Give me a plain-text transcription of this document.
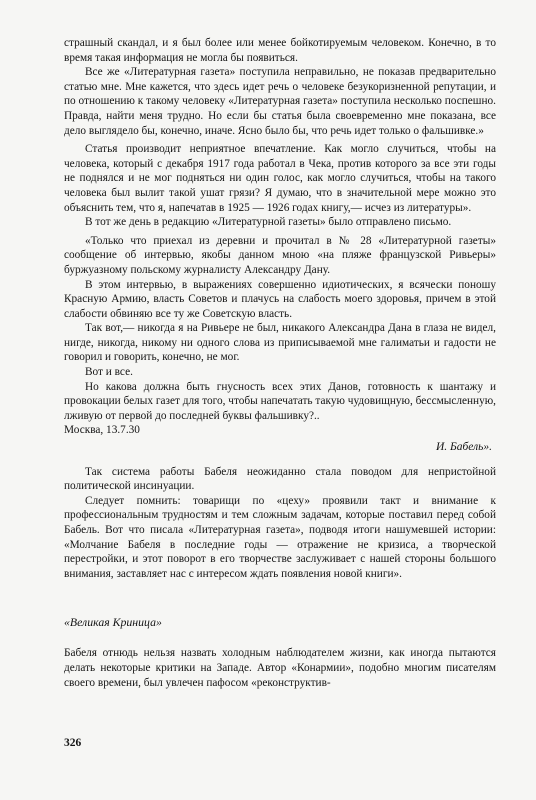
страшный скандал, и я был более или менее бойкотируемым человеком. Конечно, в то время такая информация не могла бы появиться.

Все же «Литературная газета» поступила неправильно, не показав предварительно статью мне. Мне кажется, что здесь идет речь о человеке безукоризненной репутации, и по отношению к такому человеку «Литературная газета» поступила несколько поспешно. Правда, найти меня трудно. Но если бы статья была своевременно мне показана, все дело выглядело бы, конечно, иначе. Ясно было бы, что речь идет только о фальшивке.»

Статья производит неприятное впечатление. Как могло случиться, чтобы на человека, который с декабря 1917 года работал в Чека, против которого за все эти годы не поднялся и не мог подняться ни один голос, как могло случиться, чтобы на такого человека был вылит такой ушат грязи? Я думаю, что в значительной мере можно это объяснить тем, что я, напечатав в 1925 — 1926 годах книгу,— исчез из литературы».

В тот же день в редакцию «Литературной газеты» было отправлено письмо.

«Только что приехал из деревни и прочитал в № 28 «Литературной газеты» сообщение об интервью, якобы данном мною «на пляже французской Ривьеры» буржуазному польскому журналисту Александру Дану.

В этом интервью, в выражениях совершенно идиотических, я всячески поношу Красную Армию, власть Советов и плачусь на слабость моего здоровья, причем в этой слабости обвиняю все ту же Советскую власть.

Так вот,— никогда я на Ривьере не был, никакого Александра Дана в глаза не видел, нигде, никогда, никому ни одного слова из приписываемой мне галиматьи и гадости не говорил и говорить, конечно, не мог.

Вот и все.

Но какова должна быть гнусность всех этих Данов, готовность к шантажу и провокации белых газет для того, чтобы напечатать такую чудовищную, бессмысленную, лживую от первой до последней буквы фальшивку?..

Москва, 13.7.30

И. Бабель».

Так система работы Бабеля неожиданно стала поводом для непристойной политической инсинуации.

Следует помнить: товарищи по «цеху» проявили такт и внимание к профессиональным трудностям и тем сложным задачам, которые поставил перед собой Бабель. Вот что писала «Литературная газета», подводя итоги нашумевшей истории: «Молчание Бабеля в последние годы — отражение не кризиса, а творческой перестройки, и этот поворот в его творчестве заслуживает с нашей стороны большого внимания, заставляет нас с интересом ждать появления новой книги».

«Великая Криница»

Бабеля отнюдь нельзя назвать холодным наблюдателем жизни, как иногда пытаются делать некоторые критики на Западе. Автор «Конармии», подобно многим писателям своего времени, был увлечен пафосом «реконструктив-

326
